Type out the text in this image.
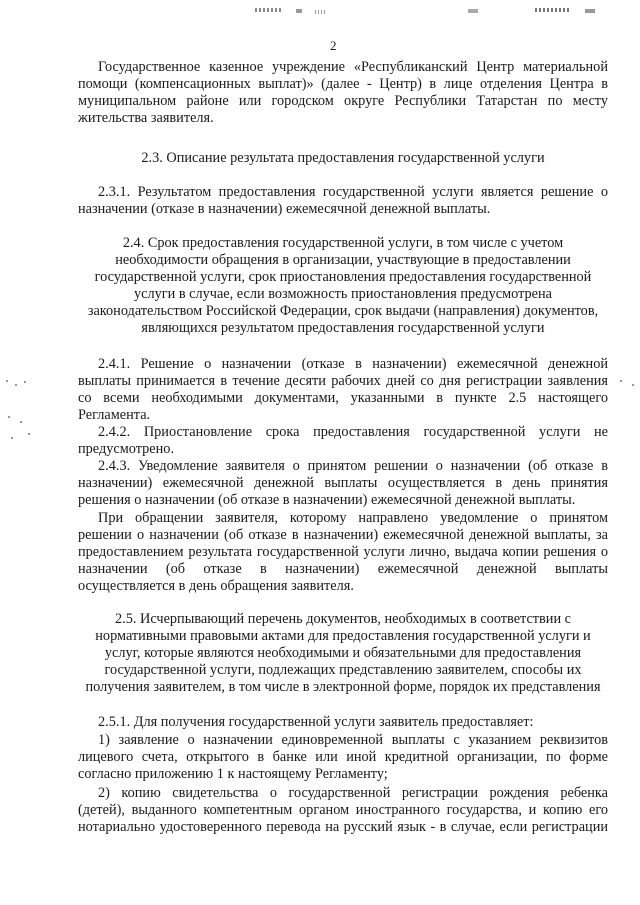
2
Государственное казенное учреждение «Республиканский Центр материальной
помощи (компенсационных выплат)» (далее - Центр) в лице отделения Центра в
муниципальном районе или городском округе Республики Татарстан по месту
жительства заявителя.
2.3. Описание результата предоставления государственной услуги
2.3.1. Результатом предоставления государственной услуги является решение о
назначении (отказе в назначении) ежемесячной денежной выплаты.
2.4. Срок предоставления государственной услуги, в том числе с учетом
необходимости обращения в организации, участвующие в предоставлении
государственной услуги, срок приостановления предоставления государственной
услуги в случае, если возможность приостановления предусмотрена
законодательством Российской Федерации, срок выдачи (направления) документов,
являющихся результатом предоставления государственной услуги
2.4.1. Решение о назначении (отказе в назначении) ежемесячной денежной
выплаты принимается в течение десяти рабочих дней со дня регистрации заявления
со всеми необходимыми документами, указанными в пункте 2.5 настоящего
Регламента.
2.4.2. Приостановление срока предоставления государственной услуги не
предусмотрено.
2.4.3. Уведомление заявителя о принятом решении о назначении (об отказе в
назначении) ежемесячной денежной выплаты осуществляется в день принятия
решения о назначении (об отказе в назначении) ежемесячной денежной выплаты.
При обращении заявителя, которому направлено уведомление о принятом
решении о назначении (об отказе в назначении) ежемесячной денежной выплаты, за
предоставлением результата государственной услуги лично, выдача копии решения о
назначении (об отказе в назначении) ежемесячной денежной выплаты
осуществляется в день обращения заявителя.
2.5. Исчерпывающий перечень документов, необходимых в соответствии с
нормативными правовыми актами для предоставления государственной услуги и
услуг, которые являются необходимыми и обязательными для предоставления
государственной услуги, подлежащих представлению заявителем, способы их
получения заявителем, в том числе в электронной форме, порядок их представления
2.5.1. Для получения государственной услуги заявитель предоставляет:
1) заявление о назначении единовременной выплаты с указанием реквизитов
лицевого счета, открытого в банке или иной кредитной организации, по форме
согласно приложению 1 к настоящему Регламенту;
2) копию свидетельства о государственной регистрации рождения ребенка
(детей), выданного компетентным органом иностранного государства, и копию его
нотариально удостоверенного перевода на русский язык - в случае, если регистрации
